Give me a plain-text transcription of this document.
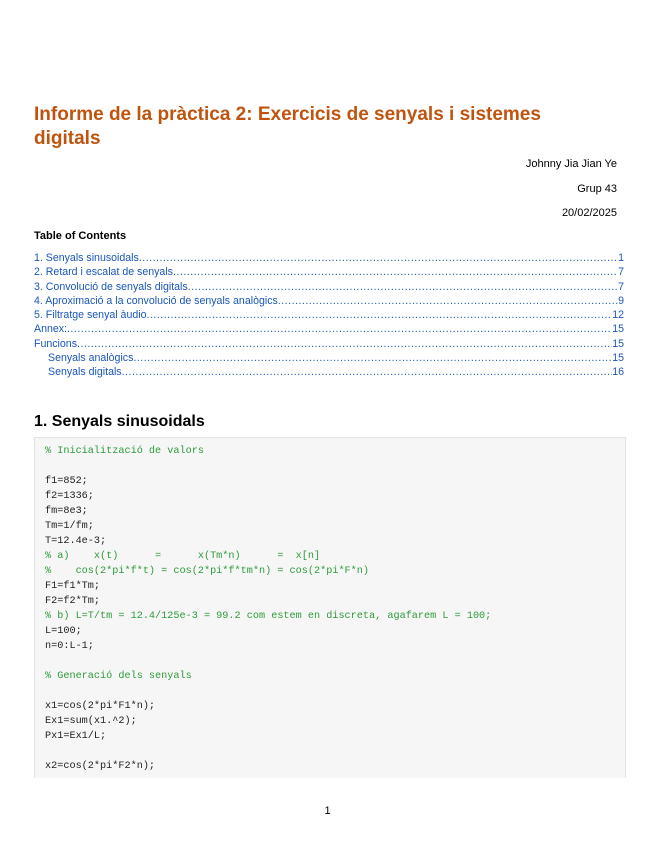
Informe de la pràctica 2: Exercicis de senyals i sistemes digitals
Johnny Jia Jian Ye
Grup 43
20/02/2025
Table of Contents
1. Senyals sinusoidals .....	1
2. Retard i escalat de senyals .....	7
3. Convolució de senyals digitals .....	7
4. Aproximació a la convolució de senyals analògics .....	9
5. Filtratge senyal àudio .....	12
Annex: .....	15
Funcions .....	15
Senyals analògics .....	15
Senyals digitals .....	16
1. Senyals sinusoidals
% Inicialització de valors
f1=852;
f2=1336;
fm=8e3;
Tm=1/fm;
T=12.4e-3;
% a)    x(t)      =      x(Tm*n)      =  x[n]
%    cos(2*pi*f*t) = cos(2*pi*f*tm*n) = cos(2*pi*F*n)
F1=f1*Tm;
F2=f2*Tm;
% b) L=T/tm = 12.4/125e-3 = 99.2 com estem en discreta, agafarem L = 100;
L=100;
n=0:L-1;
% Generació dels senyals
x1=cos(2*pi*F1*n);
Ex1=sum(x1.^2);
Px1=Ex1/L;
x2=cos(2*pi*F2*n);
1
